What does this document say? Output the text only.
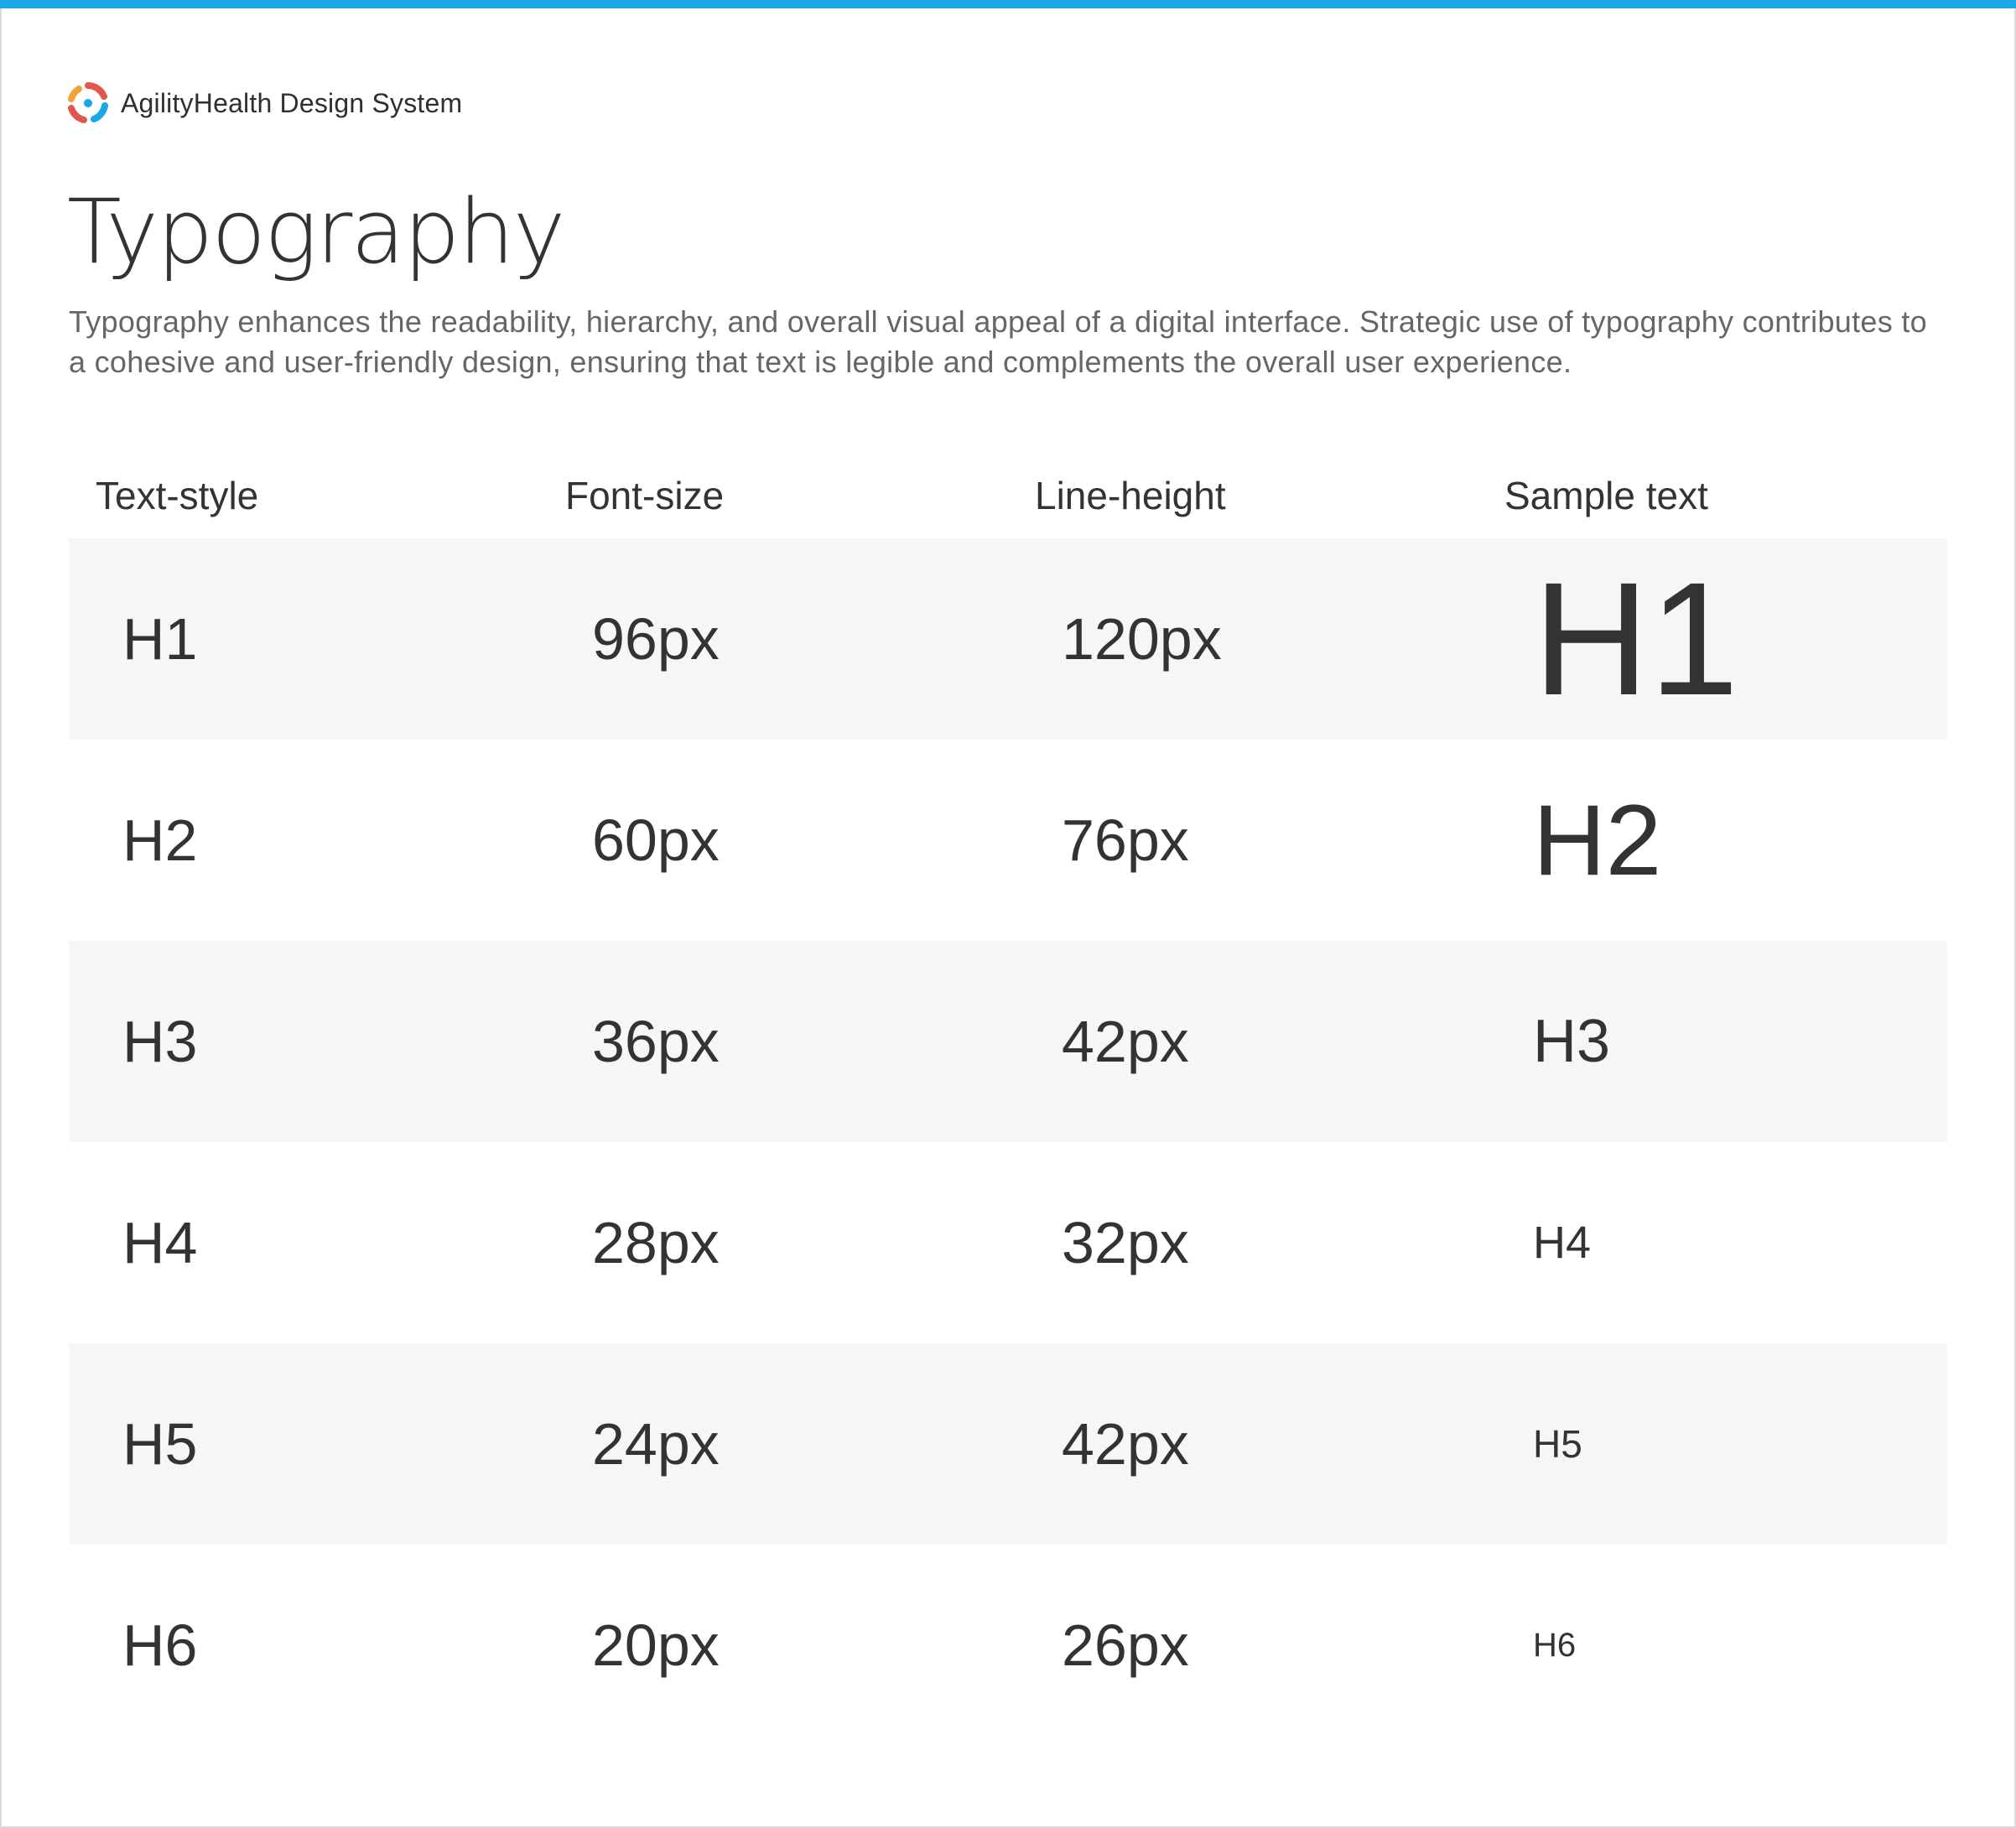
AgilityHealth Design System
Typography

Typography enhances the readability, hierarchy, and overall visual appeal of a digital interface. Strategic use of typography contributes to a cohesive and user-friendly design, ensuring that text is legible and complements the overall user experience.

Text-style	Font-size	Line-height	Sample text
H1	96px	120px	H1
H2	60px	76px	H2
H3	36px	42px	H3
H4	28px	32px	H4
H5	24px	42px	H5
H6	20px	26px	H6
